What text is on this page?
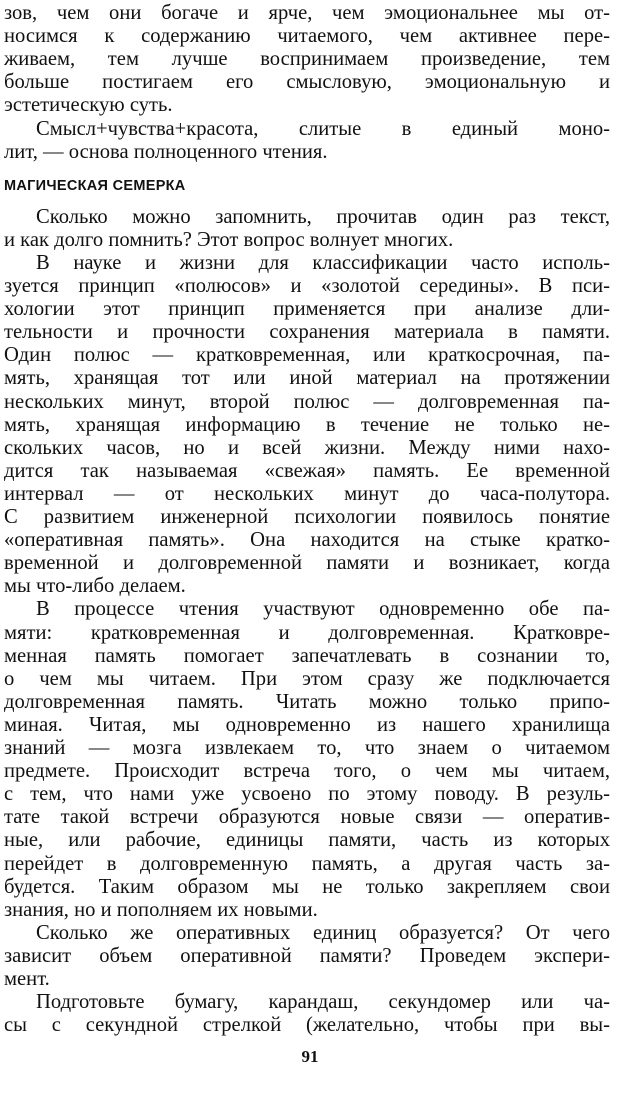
зов, чем они богаче и ярче, чем эмоциональнее мы от-
носимся к содержанию читаемого, чем активнее пере-
живаем, тем лучше воспринимаем произведение, тем
больше постигаем его смысловую, эмоциональную и
эстетическую суть.
Смысл+чувства+красота, слитые в единый моно-
лит, — основа полноценного чтения.
МАГИЧЕСКАЯ СЕМЕРКА
Сколько можно запомнить, прочитав один раз текст,
и как долго помнить? Этот вопрос волнует многих.
В науке и жизни для классификации часто исполь-
зуется принцип «полюсов» и «золотой середины». В пси-
хологии этот принцип применяется при анализе дли-
тельности и прочности сохранения материала в памяти.
Один полюс — кратковременная, или краткосрочная, па-
мять, хранящая тот или иной материал на протяжении
нескольких минут, второй полюс — долговременная па-
мять, хранящая информацию в течение не только не-
скольких часов, но и всей жизни. Между ними нахо-
дится так называемая «свежая» память. Ее временной
интервал — от нескольких минут до часа-полутора.
С развитием инженерной психологии появилось понятие
«оперативная память». Она находится на стыке кратко-
временной и долговременной памяти и возникает, когда
мы что-либо делаем.
В процессе чтения участвуют одновременно обе па-
мяти: кратковременная и долговременная. Кратковре-
менная память помогает запечатлевать в сознании то,
о чем мы читаем. При этом сразу же подключается
долговременная память. Читать можно только припо-
миная. Читая, мы одновременно из нашего хранилища
знаний — мозга извлекаем то, что знаем о читаемом
предмете. Происходит встреча того, о чем мы читаем,
с тем, что нами уже усвоено по этому поводу. В резуль-
тате такой встречи образуются новые связи — оператив-
ные, или рабочие, единицы памяти, часть из которых
перейдет в долговременную память, а другая часть за-
будется. Таким образом мы не только закрепляем свои
знания, но и пополняем их новыми.
Сколько же оперативных единиц образуется? От чего
зависит объем оперативной памяти? Проведем экспери-
мент.
Подготовьте бумагу, карандаш, секундомер или ча-
сы с секундной стрелкой (желательно, чтобы при вы-
91
